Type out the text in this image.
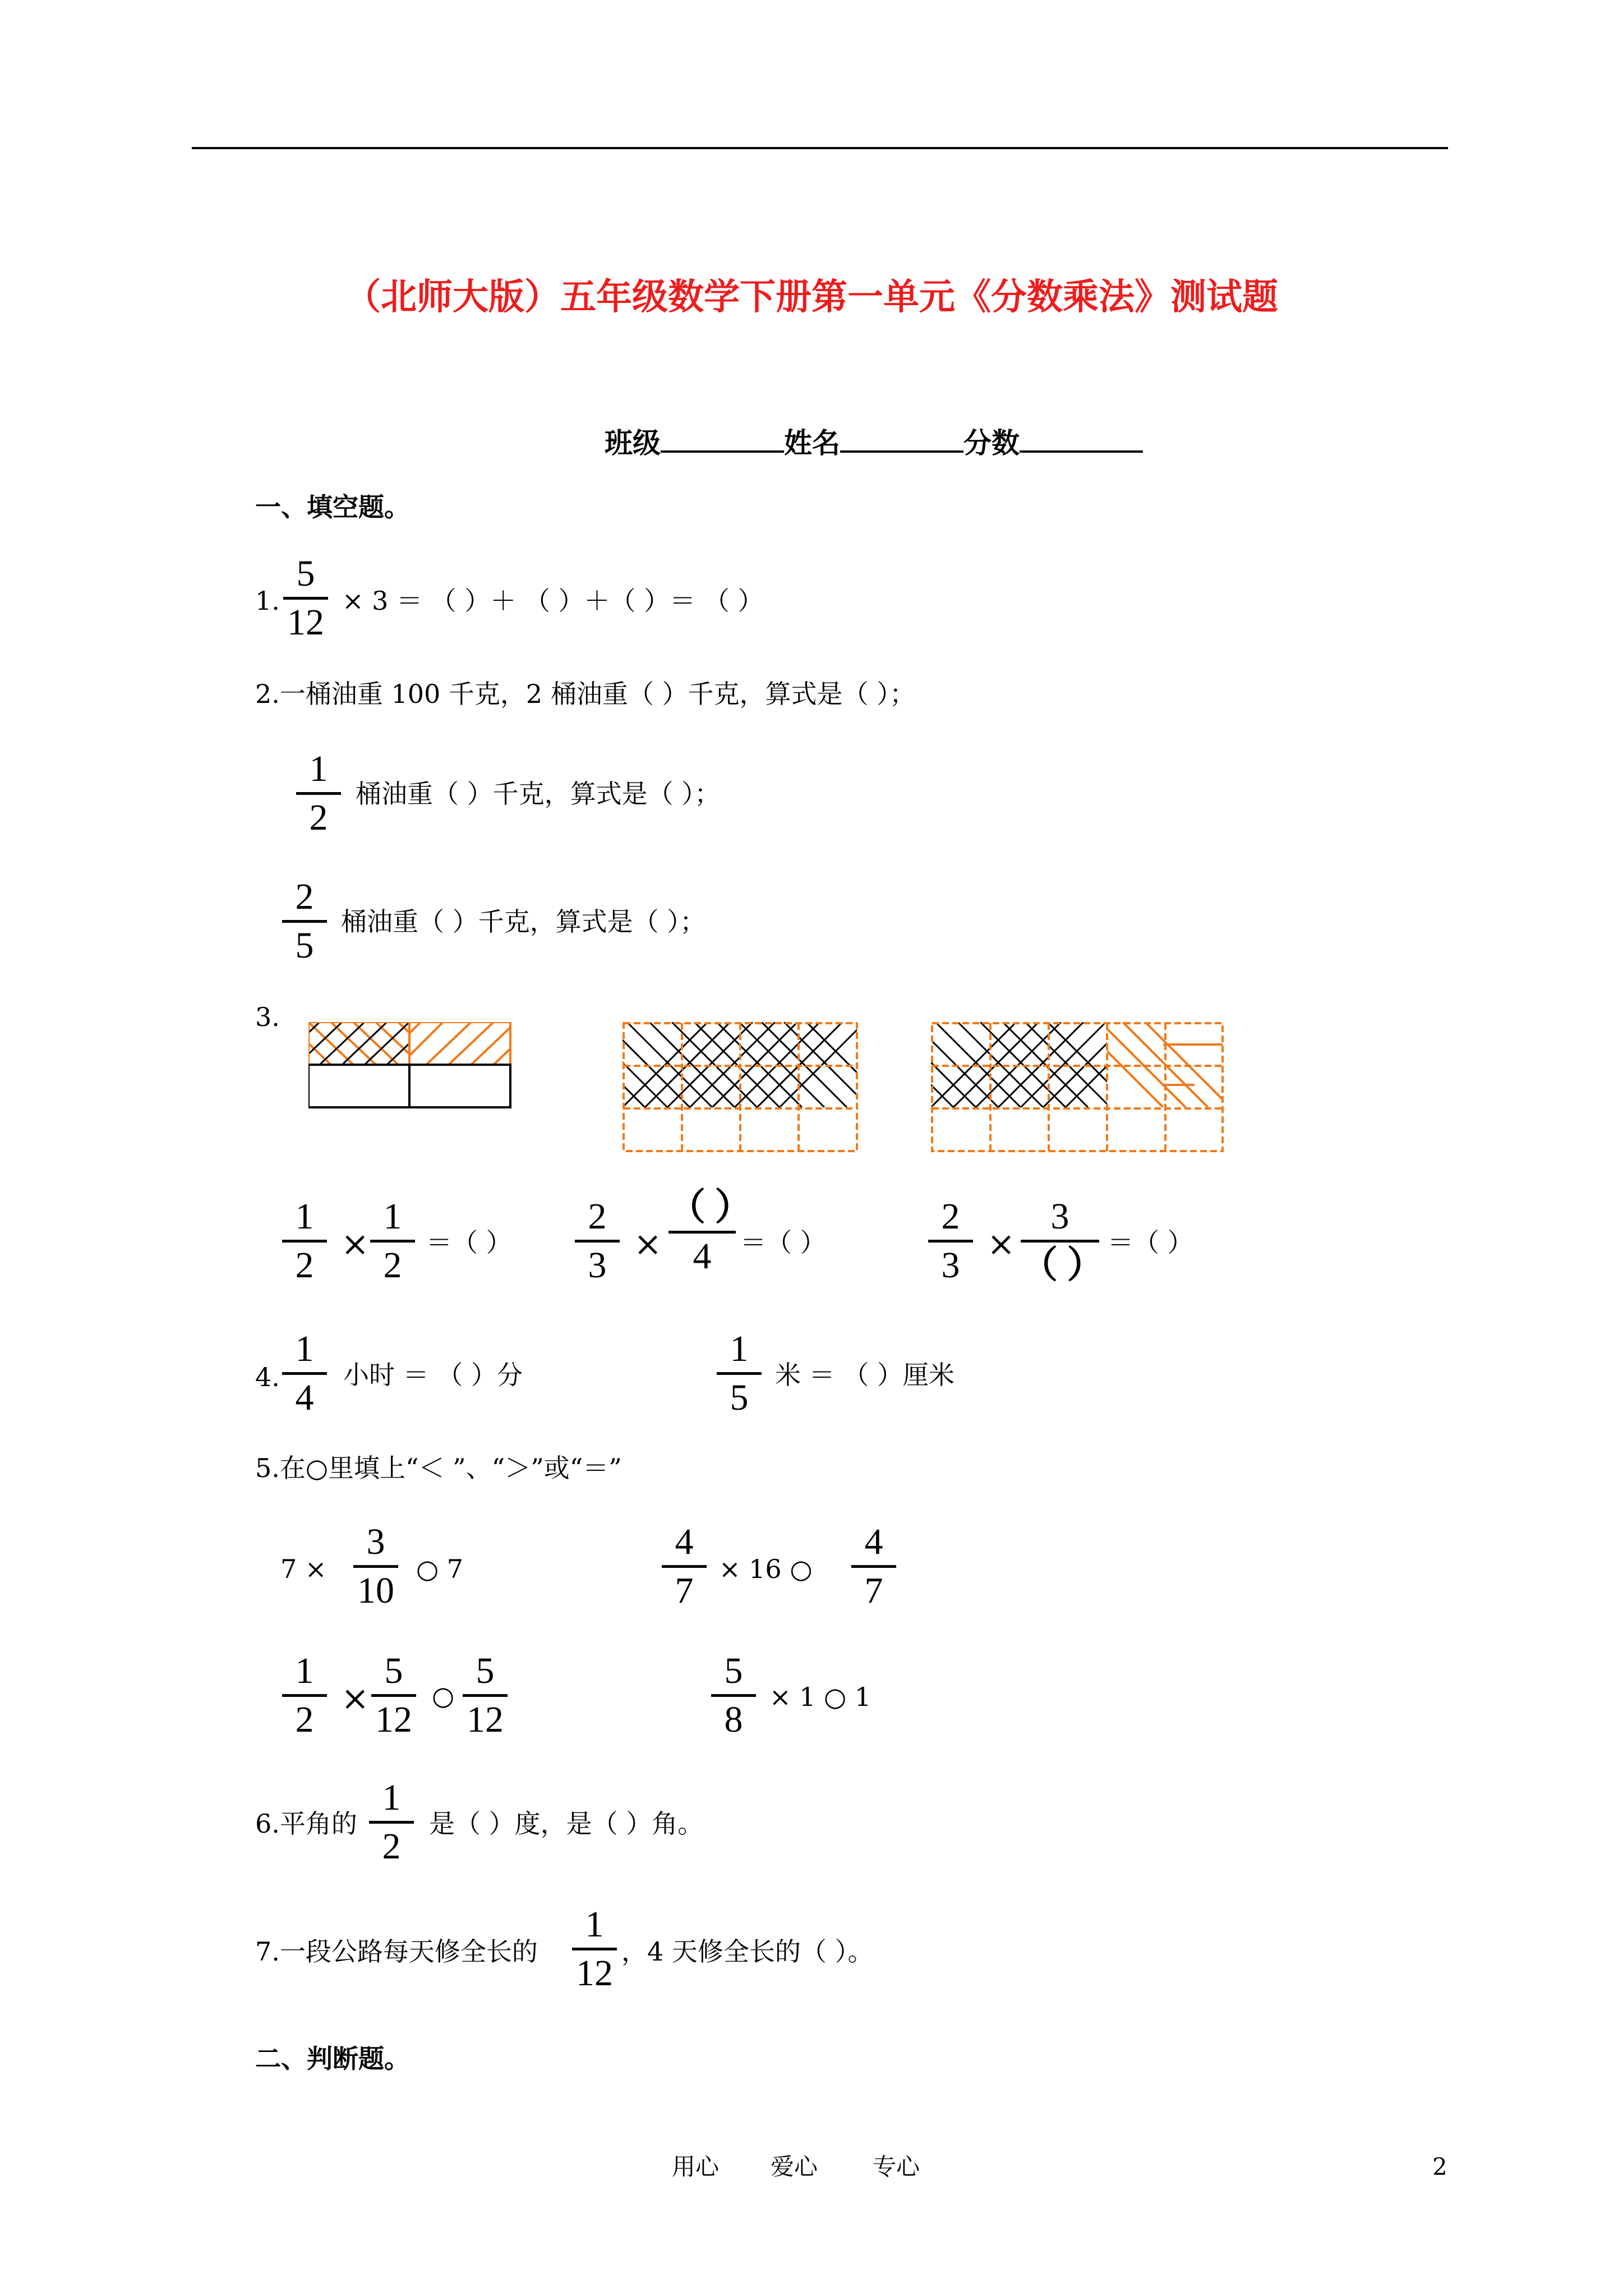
（北师大版）五年级数学下册第一单元《分数乘法》测试题
班级	姓名	分数
一、填空题。
1.
5
12
× 3 ＝ （ ）＋ （ ）＋（ ）＝ （ ）
2.一桶油重 100 千克，2 桶油重（ ）千克，算式是（ ）；
1
2
桶油重（ ）千克，算式是（ ）；
2
5
桶油重（ ）千克，算式是（ ）；
3.
1
2
×
1
2
＝（ ）
2
3
×
（ ）
4	＝（ ）
2
3
×
3
（ ）
＝（ ）
4.
1
4
小时 ＝ （ ）分
1
5
米 ＝ （ ）厘米
5.在○里填上“＜ ”、“＞”或“＝”
7 ×
3
10
○ 7
4
7
× 16 ○
4
7
1
2
×
5
12
○
5
12
5
8
× 1 ○ 1
6.平角的
1
2
是（ ）度，是（ ）角。
7.一段公路每天修全长的
1
12
，4 天修全长的（ ）。
二、判断题。
用心 爱心 专心	2
